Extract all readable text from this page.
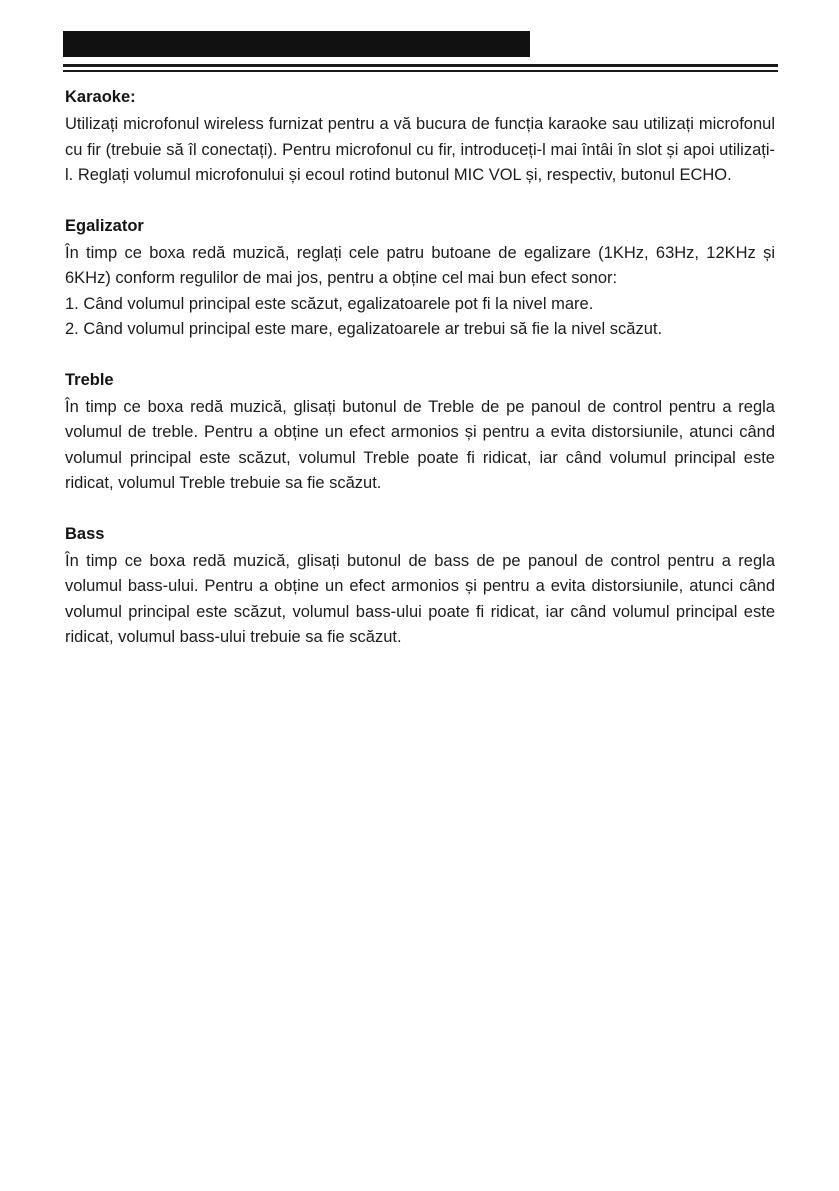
Karaoke:

Utilizați microfonul wireless furnizat pentru a vă bucura de funcția karaoke sau utilizați microfonul cu fir (trebuie să îl conectați). Pentru microfonul cu fir, introduceți-l mai întâi în slot și apoi utilizați-l. Reglați volumul microfonului și ecoul rotind butonul MIC VOL și, respectiv, butonul ECHO.

Egalizator

În timp ce boxa redă muzică, reglați cele patru butoane de egalizare (1KHz, 63Hz, 12KHz și 6KHz) conform regulilor de mai jos, pentru a obține cel mai bun efect sonor:

1. Când volumul principal este scăzut, egalizatoarele pot fi la nivel mare.

2. Când volumul principal este mare, egalizatoarele ar trebui să fie la nivel scăzut.

Treble

În timp ce boxa redă muzică, glisați butonul de Treble de pe panoul de control pentru a regla volumul de treble. Pentru a obține un efect armonios și pentru a evita distorsiunile, atunci când volumul principal este scăzut, volumul Treble poate fi ridicat, iar când volumul principal este ridicat, volumul Treble trebuie sa fie scăzut.

Bass

În timp ce boxa redă muzică, glisați butonul de bass de pe panoul de control pentru a regla volumul bass-ului. Pentru a obține un efect armonios și pentru a evita distorsiunile, atunci când volumul principal este scăzut, volumul bass-ului poate fi ridicat, iar când volumul principal este ridicat, volumul bass-ului trebuie sa fie scăzut.
